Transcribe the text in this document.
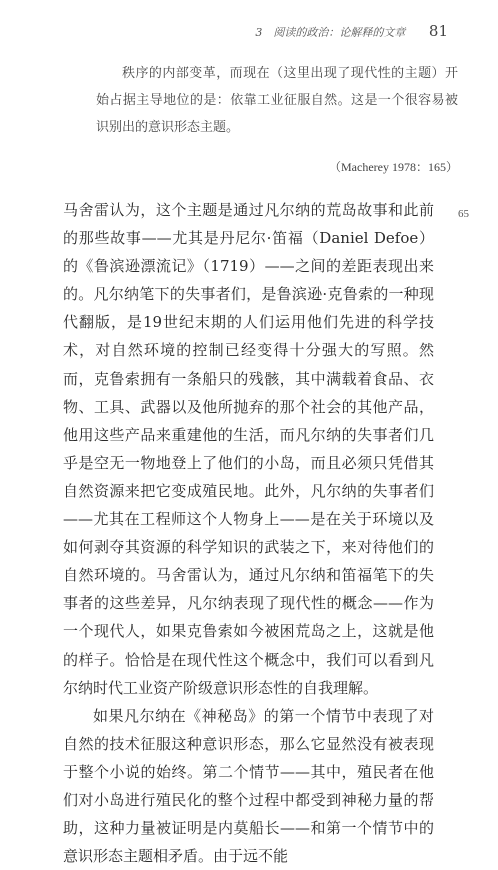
3　阅读的政治：论解释的文章 81

秩序的内部变革，而现在（这里出现了现代性的主题）开始占据主导地位的是：依靠工业征服自然。这是一个很容易被识别出的意识形态主题。

（Macherey 1978：165）
65

马舍雷认为，这个主题是通过凡尔纳的荒岛故事和此前的那些故事——尤其是丹尼尔·笛福（Daniel Defoe）的《鲁滨逊漂流记》（1719）——之间的差距表现出来的。凡尔纳笔下的失事者们，是鲁滨逊·克鲁索的一种现代翻版，是19世纪末期的人们运用他们先进的科学技术，对自然环境的控制已经变得十分强大的写照。然而，克鲁索拥有一条船只的残骸，其中满载着食品、衣物、工具、武器以及他所抛弃的那个社会的其他产品，他用这些产品来重建他的生活，而凡尔纳的失事者们几乎是空无一物地登上了他们的小岛，而且必须只凭借其自然资源来把它变成殖民地。此外，凡尔纳的失事者们——尤其在工程师这个人物身上——是在关于环境以及如何剥夺其资源的科学知识的武装之下，来对待他们的自然环境的。马舍雷认为，通过凡尔纳和笛福笔下的失事者的这些差异，凡尔纳表现了现代性的概念——作为一个现代人，如果克鲁索如今被困荒岛之上，这就是他的样子。恰恰是在现代性这个概念中，我们可以看到凡尔纳时代工业资产阶级意识形态性的自我理解。

如果凡尔纳在《神秘岛》的第一个情节中表现了对自然的技术征服这种意识形态，那么它显然没有被表现于整个小说的始终。第二个情节——其中，殖民者在他们对小岛进行殖民化的整个过程中都受到神秘力量的帮助，这种力量被证明是内莫船长——和第一个情节中的意识形态主题相矛盾。由于远不能
